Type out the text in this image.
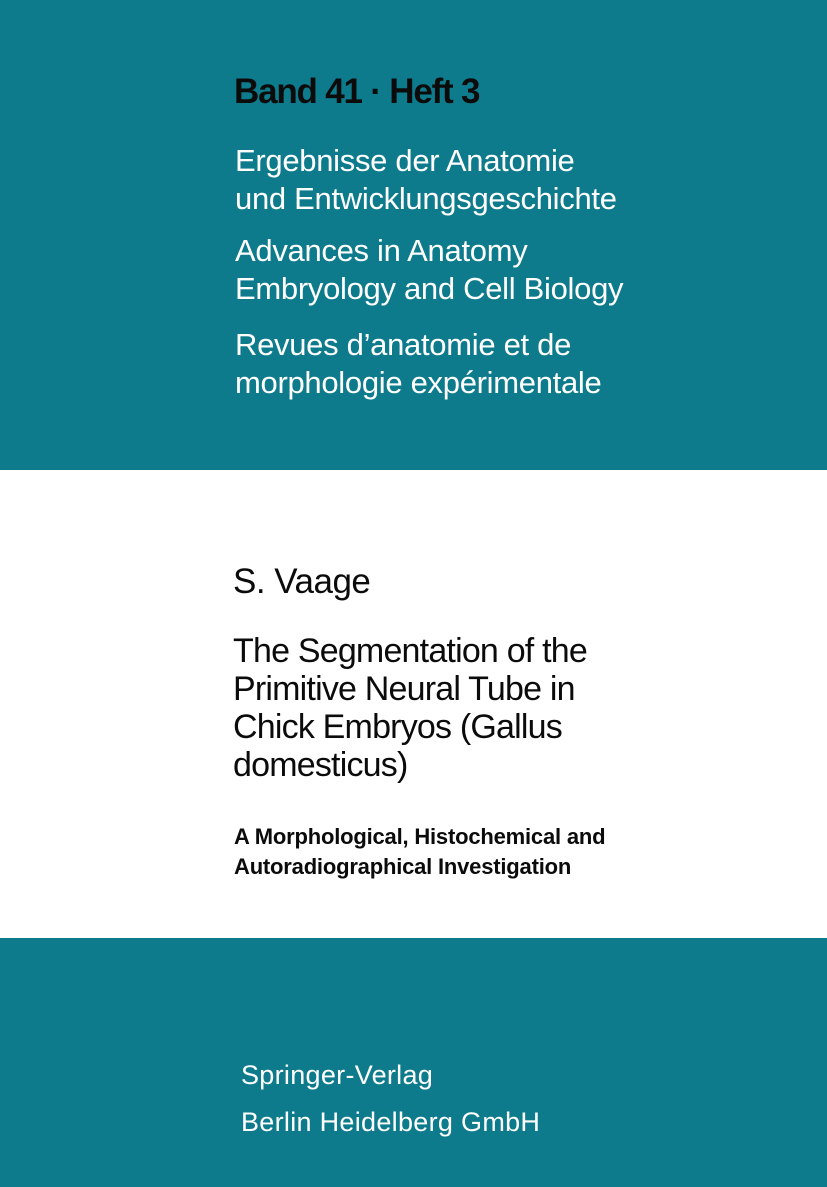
Band 41 · Heft 3
Ergebnisse der Anatomie
und Entwicklungsgeschichte
Advances in Anatomy
Embryology and Cell Biology
Revues d’anatomie et de
morphologie expérimentale
S. Vaage
The Segmentation of the
Primitive Neural Tube in
Chick Embryos (Gallus
domesticus)
A Morphological, Histochemical and
Autoradiographical Investigation
Springer-Verlag
Berlin Heidelberg GmbH
